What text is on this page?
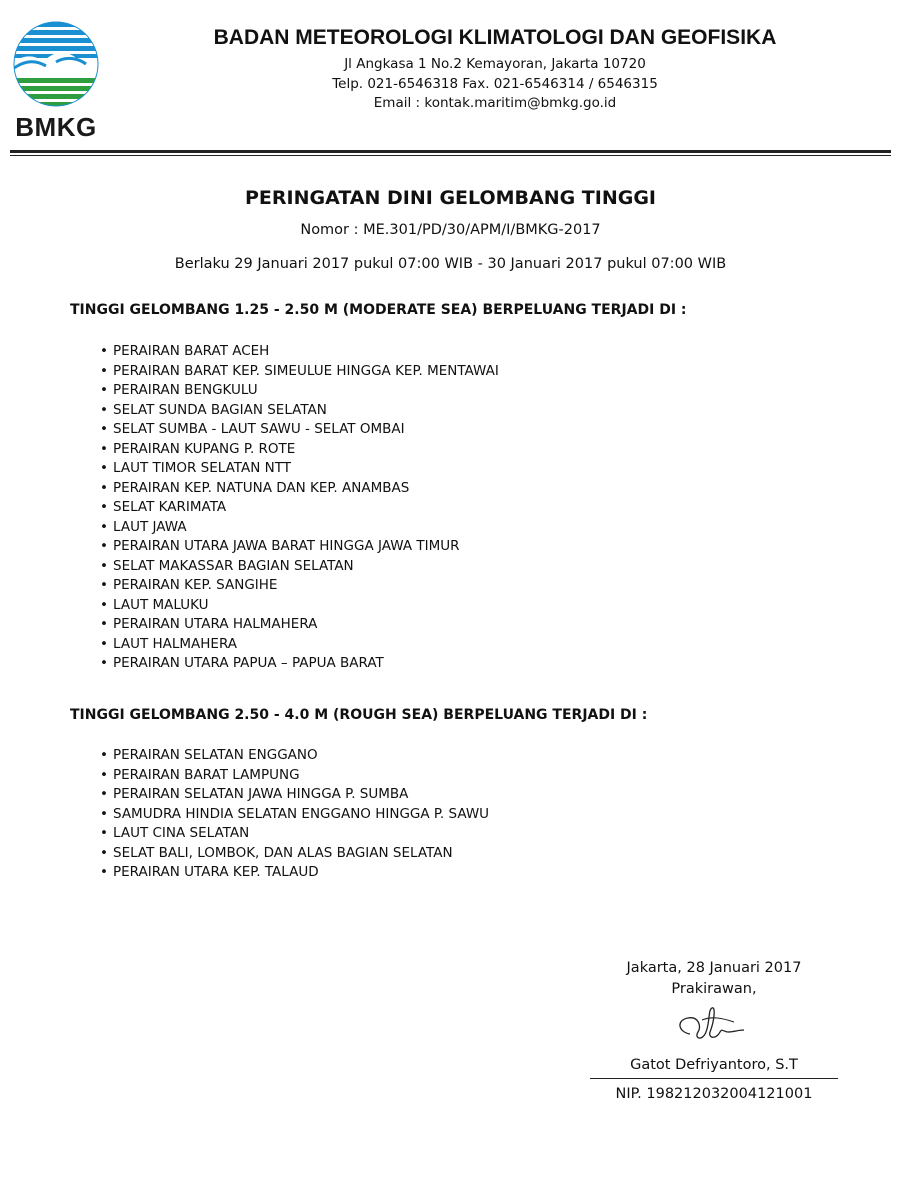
BMKG
BADAN METEOROLOGI KLIMATOLOGI DAN GEOFISIKA
Jl Angkasa 1 No.2 Kemayoran, Jakarta 10720
Telp. 021-6546318 Fax. 021-6546314 / 6546315
Email : kontak.maritim@bmkg.go.id
PERINGATAN DINI GELOMBANG TINGGI
Nomor : ME.301/PD/30/APM/I/BMKG-2017
Berlaku 29 Januari 2017 pukul 07:00 WIB - 30 Januari 2017 pukul 07:00 WIB
TINGGI GELOMBANG 1.25 - 2.50 M (MODERATE SEA) BERPELUANG TERJADI DI :
• PERAIRAN BARAT ACEH
• PERAIRAN BARAT KEP. SIMEULUE HINGGA KEP. MENTAWAI
• PERAIRAN BENGKULU
• SELAT SUNDA BAGIAN SELATAN
• SELAT SUMBA - LAUT SAWU - SELAT OMBAI
• PERAIRAN KUPANG P. ROTE
• LAUT TIMOR SELATAN NTT
• PERAIRAN KEP. NATUNA DAN KEP. ANAMBAS
• SELAT KARIMATA
• LAUT JAWA
• PERAIRAN UTARA JAWA BARAT HINGGA JAWA TIMUR
• SELAT MAKASSAR BAGIAN SELATAN
• PERAIRAN KEP. SANGIHE
• LAUT MALUKU
• PERAIRAN UTARA HALMAHERA
• LAUT HALMAHERA
• PERAIRAN UTARA PAPUA – PAPUA BARAT
TINGGI GELOMBANG 2.50 - 4.0 M (ROUGH SEA) BERPELUANG TERJADI DI :
• PERAIRAN SELATAN ENGGANO
• PERAIRAN BARAT LAMPUNG
• PERAIRAN SELATAN JAWA HINGGA P. SUMBA
• SAMUDRA HINDIA SELATAN ENGGANO HINGGA P. SAWU
• LAUT CINA SELATAN
• SELAT BALI, LOMBOK, DAN ALAS BAGIAN SELATAN
• PERAIRAN UTARA KEP. TALAUD
Jakarta, 28 Januari 2017
Prakirawan,
Gatot Defriyantoro, S.T
NIP. 198212032004121001
